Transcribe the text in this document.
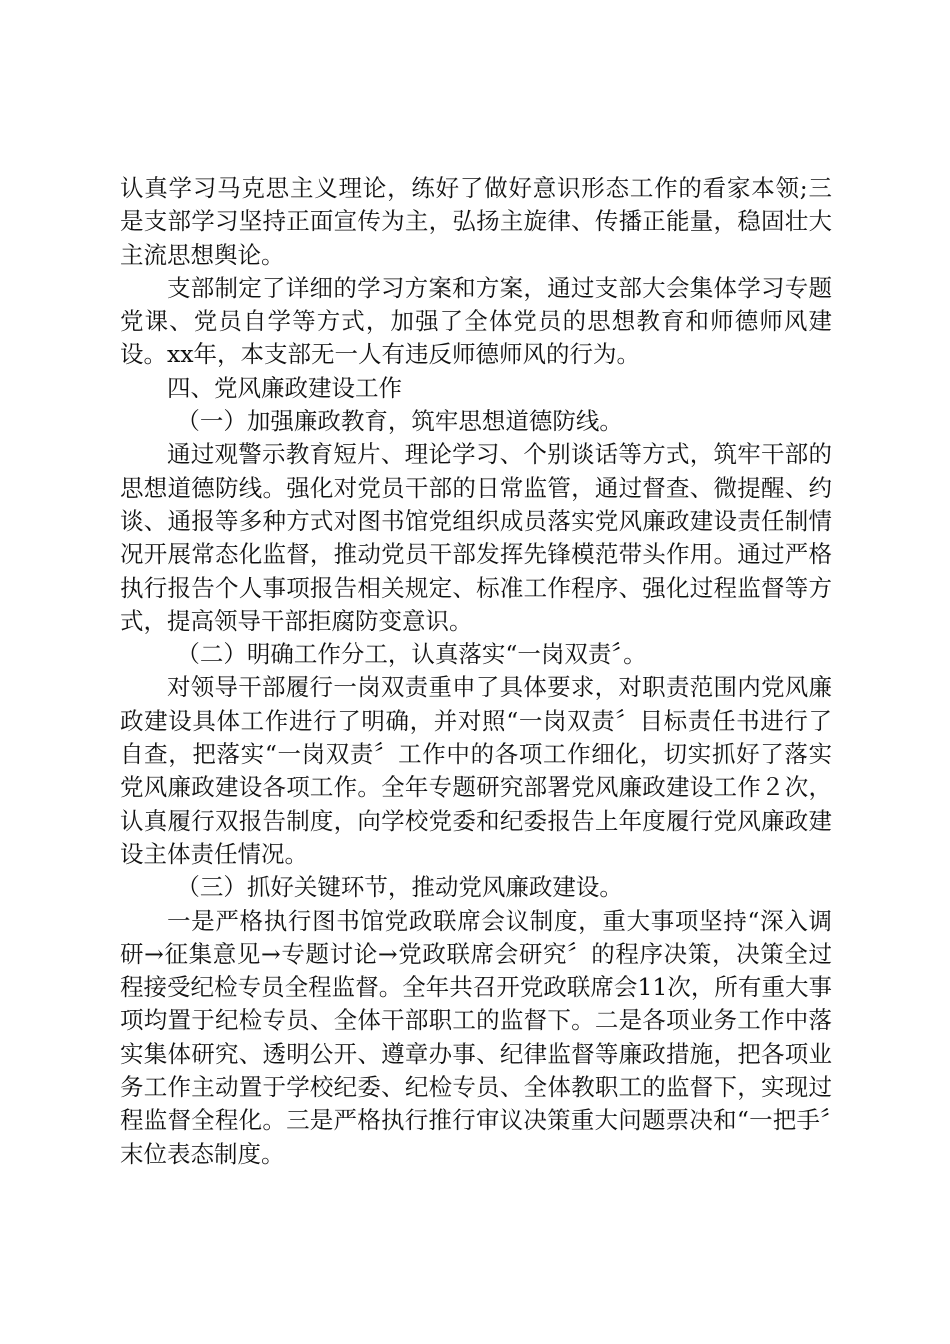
认真学习马克思主义理论，练好了做好意识形态工作的看家本领;三是支部学习坚持正面宣传为主，弘扬主旋律、传播正能量，稳固壮大主流思想舆论。

支部制定了详细的学习方案和方案，通过支部大会集体学习专题党课、党员自学等方式，加强了全体党员的思想教育和师德师风建设。xx年，本支部无一人有违反师德师风的行为。

四、党风廉政建设工作

（一）加强廉政教育，筑牢思想道德防线。

通过观警示教育短片、理论学习、个别谈话等方式，筑牢干部的思想道德防线。强化对党员干部的日常监管，通过督查、微提醒、约谈、通报等多种方式对图书馆党组织成员落实党风廉政建设责任制情况开展常态化监督，推动党员干部发挥先锋模范带头作用。通过严格执行报告个人事项报告相关规定、标准工作程序、强化过程监督等方式，提高领导干部拒腐防变意识。

（二）明确工作分工，认真落实“一岗双责〞。

对领导干部履行一岗双责重申了具体要求，对职责范围内党风廉政建设具体工作进行了明确，并对照“一岗双责〞目标责任书进行了自查，把落实“一岗双责〞工作中的各项工作细化，切实抓好了落实党风廉政建设各项工作。全年专题研究部署党风廉政建设工作２次，认真履行双报告制度，向学校党委和纪委报告上年度履行党风廉政建设主体责任情况。

（三）抓好关键环节，推动党风廉政建设。

一是严格执行图书馆党政联席会议制度，重大事项坚持“深入调研→征集意见→专题讨论→党政联席会研究〞的程序决策，决策全过程接受纪检专员全程监督。全年共召开党政联席会11次，所有重大事项均置于纪检专员、全体干部职工的监督下。二是各项业务工作中落实集体研究、透明公开、遵章办事、纪律监督等廉政措施，把各项业务工作主动置于学校纪委、纪检专员、全体教职工的监督下，实现过程监督全程化。三是严格执行推行审议决策重大问题票决和“一把手〞末位表态制度。
